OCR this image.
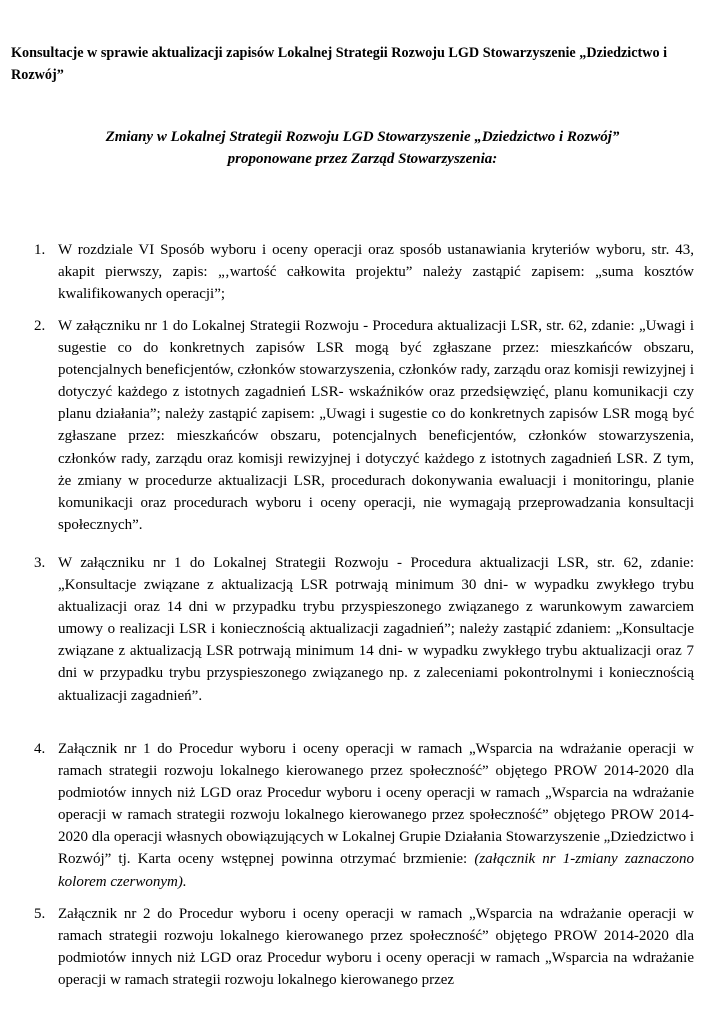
Konsultacje w sprawie aktualizacji zapisów Lokalnej Strategii Rozwoju LGD Stowarzyszenie „Dziedzictwo i Rozwój”
Zmiany w Lokalnej Strategii Rozwoju LGD Stowarzyszenie „Dziedzictwo i Rozwój”
proponowane przez Zarząd Stowarzyszenia:
1. W rozdziale VI Sposób wyboru i oceny operacji oraz sposób ustanawiania kryteriów wyboru, str. 43, akapit pierwszy, zapis: „‚wartość całkowita projektu” należy zastąpić zapisem: „suma kosztów kwalifikowanych operacji”;
2. W załączniku nr 1 do Lokalnej Strategii Rozwoju - Procedura aktualizacji LSR, str. 62, zdanie: „Uwagi i sugestie co do konkretnych zapisów LSR mogą być zgłaszane przez: mieszkańców obszaru, potencjalnych beneficjentów, członków stowarzyszenia, członków rady, zarządu oraz komisji rewizyjnej i dotyczyć każdego z istotnych zagadnień LSR- wskaźników oraz przedsięwzięć, planu komunikacji czy planu działania”; należy zastąpić zapisem: „Uwagi i sugestie co do konkretnych zapisów LSR mogą być zgłaszane przez: mieszkańców obszaru, potencjalnych beneficjentów, członków stowarzyszenia, członków rady, zarządu oraz komisji rewizyjnej i dotyczyć każdego z istotnych zagadnień LSR. Z tym, że zmiany w procedurze aktualizacji LSR, procedurach dokonywania ewaluacji i monitoringu, planie komunikacji oraz procedurach wyboru i oceny operacji, nie wymagają przeprowadzania konsultacji społecznych”.
3. W załączniku nr 1 do Lokalnej Strategii Rozwoju - Procedura aktualizacji LSR, str. 62, zdanie: „Konsultacje związane z aktualizacją LSR potrwają minimum 30 dni- w wypadku zwykłego trybu aktualizacji oraz 14 dni w przypadku trybu przyspieszonego związanego z warunkowym zawarciem umowy o realizacji LSR i koniecznością aktualizacji zagadnień”; należy zastąpić zdaniem: „Konsultacje związane z aktualizacją LSR potrwają minimum 14 dni- w wypadku zwykłego trybu aktualizacji oraz 7 dni w przypadku trybu przyspieszonego związanego np. z zaleceniami pokontrolnymi i koniecznością aktualizacji zagadnień”.
4. Załącznik nr 1 do Procedur wyboru i oceny operacji w ramach „Wsparcia na wdrażanie operacji w ramach strategii rozwoju lokalnego kierowanego przez społeczność” objętego PROW 2014-2020 dla podmiotów innych niż LGD oraz Procedur wyboru i oceny operacji w ramach „Wsparcia na wdrażanie operacji w ramach strategii rozwoju lokalnego kierowanego przez społeczność” objętego PROW 2014-2020 dla operacji własnych obowiązujących w Lokalnej Grupie Działania Stowarzyszenie „Dziedzictwo i Rozwój” tj. Karta oceny wstępnej powinna otrzymać brzmienie: (załącznik nr 1-zmiany zaznaczono kolorem czerwonym).
5. Załącznik nr 2 do Procedur wyboru i oceny operacji w ramach „Wsparcia na wdrażanie operacji w ramach strategii rozwoju lokalnego kierowanego przez społeczność” objętego PROW 2014-2020 dla podmiotów innych niż LGD oraz Procedur wyboru i oceny operacji w ramach „Wsparcia na wdrażanie operacji w ramach strategii rozwoju lokalnego kierowanego przez
